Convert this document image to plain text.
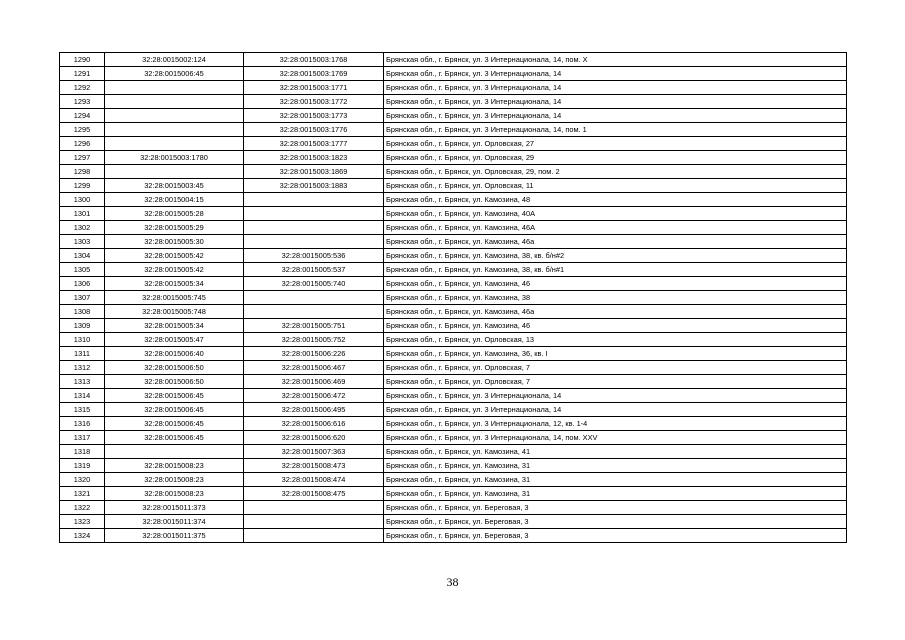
1290	32:28:0015002:124	32:28:0015003:1768	Брянская обл., г. Брянск, ул. 3 Интернационала, 14, пом. X
1291	32:28:0015006:45	32:28:0015003:1769	Брянская обл., г. Брянск, ул. 3 Интернационала, 14
1292		32:28:0015003:1771	Брянская обл., г. Брянск, ул. 3 Интернационала, 14
1293		32:28:0015003:1772	Брянская обл., г. Брянск, ул. 3 Интернационала, 14
1294		32:28:0015003:1773	Брянская обл., г. Брянск, ул. 3 Интернационала, 14
1295		32:28:0015003:1776	Брянская обл., г. Брянск, ул. 3 Интернационала, 14, пом. 1
1296		32:28:0015003:1777	Брянская обл., г. Брянск, ул. Орловская, 27
1297	32:28:0015003:1780	32:28:0015003:1823	Брянская обл., г. Брянск, ул. Орловская, 29
1298		32:28:0015003:1869	Брянская обл., г. Брянск, ул. Орловская, 29, пом. 2
1299	32:28:0015003:45	32:28:0015003:1883	Брянская обл., г. Брянск, ул. Орловская, 11
1300	32:28:0015004:15		Брянская обл., г. Брянск, ул. Камозина, 48
1301	32:28:0015005:28		Брянская обл., г. Брянск, ул. Камозина, 40А
1302	32:28:0015005:29		Брянская обл., г. Брянск, ул. Камозина, 46А
1303	32:28:0015005:30		Брянская обл., г. Брянск, ул. Камозина, 46а
1304	32:28:0015005:42	32:28:0015005:536	Брянская обл., г. Брянск, ул. Камозина, 38, кв. б/н#2
1305	32:28:0015005:42	32:28:0015005:537	Брянская обл., г. Брянск, ул. Камозина, 38, кв. б/н#1
1306	32:28:0015005:34	32:28:0015005:740	Брянская обл., г. Брянск, ул. Камозина, 46
1307	32:28:0015005:745		Брянская обл., г. Брянск, ул. Камозина, 38
1308	32:28:0015005:748		Брянская обл., г. Брянск, ул. Камозина, 46а
1309	32:28:0015005:34	32:28:0015005:751	Брянская обл., г. Брянск, ул. Камозина, 46
1310	32:28:0015005:47	32:28:0015005:752	Брянская обл., г. Брянск, ул. Орловская, 13
1311	32:28:0015006:40	32:28:0015006:226	Брянская обл., г. Брянск, ул. Камозина, 36, кв. I
1312	32:28:0015006:50	32:28:0015006:467	Брянская обл., г. Брянск, ул. Орловская, 7
1313	32:28:0015006:50	32:28:0015006:469	Брянская обл., г. Брянск, ул. Орловская, 7
1314	32:28:0015006:45	32:28:0015006:472	Брянская обл., г. Брянск, ул. 3 Интернационала, 14
1315	32:28:0015006:45	32:28:0015006:495	Брянская обл., г. Брянск, ул. 3 Интернационала, 14
1316	32:28:0015006:45	32:28:0015006:616	Брянская обл., г. Брянск, ул. 3 Интернационала, 12, кв. 1-4
1317	32:28:0015006:45	32:28:0015006:620	Брянская обл., г. Брянск, ул. 3 Интернационала, 14, пом. XXV
1318		32:28:0015007:363	Брянская обл., г. Брянск, ул. Камозина, 41
1319	32:28:0015008:23	32:28:0015008:473	Брянская обл., г. Брянск, ул. Камозина, 31
1320	32:28:0015008:23	32:28:0015008:474	Брянская обл., г. Брянск, ул. Камозина, 31
1321	32:28:0015008:23	32:28:0015008:475	Брянская обл., г. Брянск, ул. Камозина, 31
1322	32:28:0015011:373		Брянская обл., г. Брянск, ул. Береговая, 3
1323	32:28:0015011:374		Брянская обл., г. Брянск, ул. Береговая, 3
1324	32:28:0015011:375		Брянская обл., г. Брянск, ул. Береговая, 3
38
